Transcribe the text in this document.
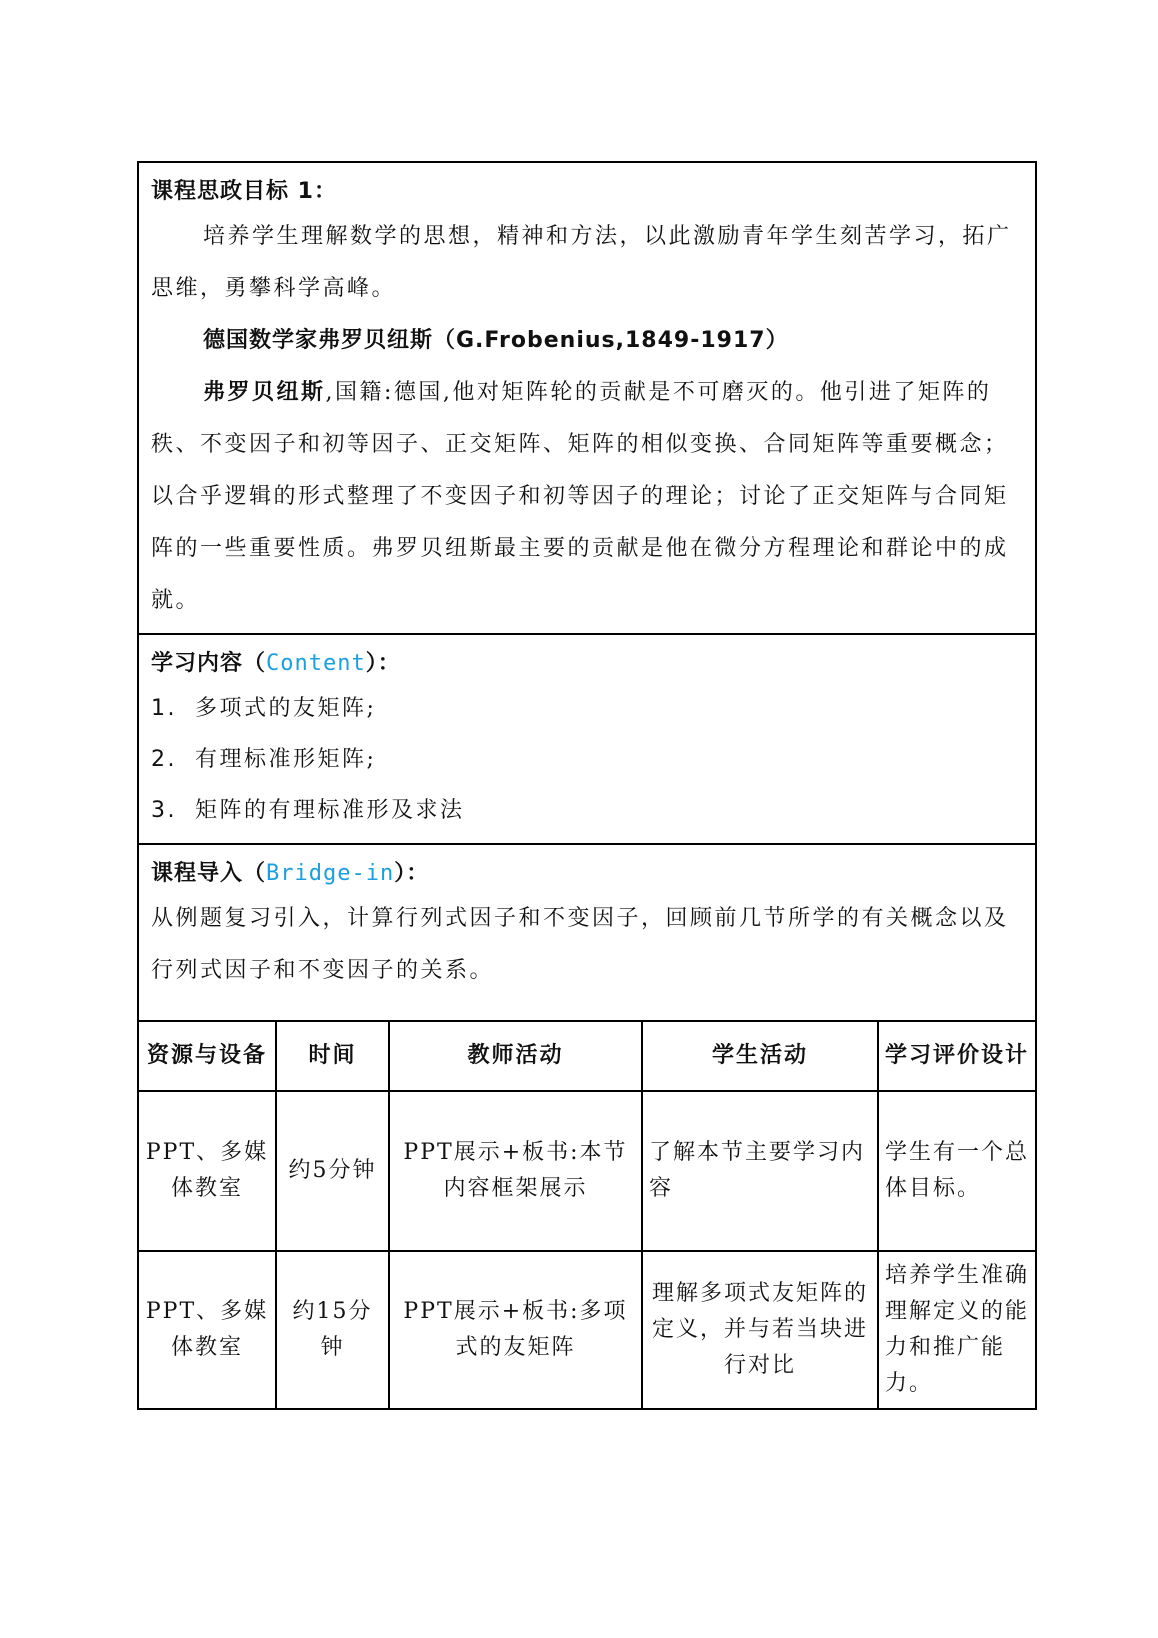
课程思政目标 1：

培养学生理解数学的思想，精神和方法，以此激励青年学生刻苦学习，拓广思维，勇攀科学高峰。

德国数学家弗罗贝纽斯（G.Frobenius,1849-1917）

弗罗贝纽斯,国籍:德国,他对矩阵轮的贡献是不可磨灭的。他引进了矩阵的秩、不变因子和初等因子、正交矩阵、矩阵的相似变换、合同矩阵等重要概念；以合乎逻辑的形式整理了不变因子和初等因子的理论；讨论了正交矩阵与合同矩阵的一些重要性质。弗罗贝纽斯最主要的贡献是他在微分方程理论和群论中的成就。

学习内容（Content）：
1. 多项式的友矩阵;
2. 有理标准形矩阵;
3. 矩阵的有理标准形及求法
课程导入（Bridge-in）：

从例题复习引入，计算行列式因子和不变因子，回顾前几节所学的有关概念以及行列式因子和不变因子的关系。

资源与设备	时间	教师活动	学生活动	学习评价设计
PPT、多媒体教室	约5分钟	PPT展示+板书:本节内容框架展示	了解本节主要学习内容	学生有一个总体目标。
PPT、多媒体教室	约15分钟	PPT展示+板书:多项式的友矩阵	理解多项式友矩阵的定义，并与若当块进行对比	培养学生准确理解定义的能力和推广能力。
